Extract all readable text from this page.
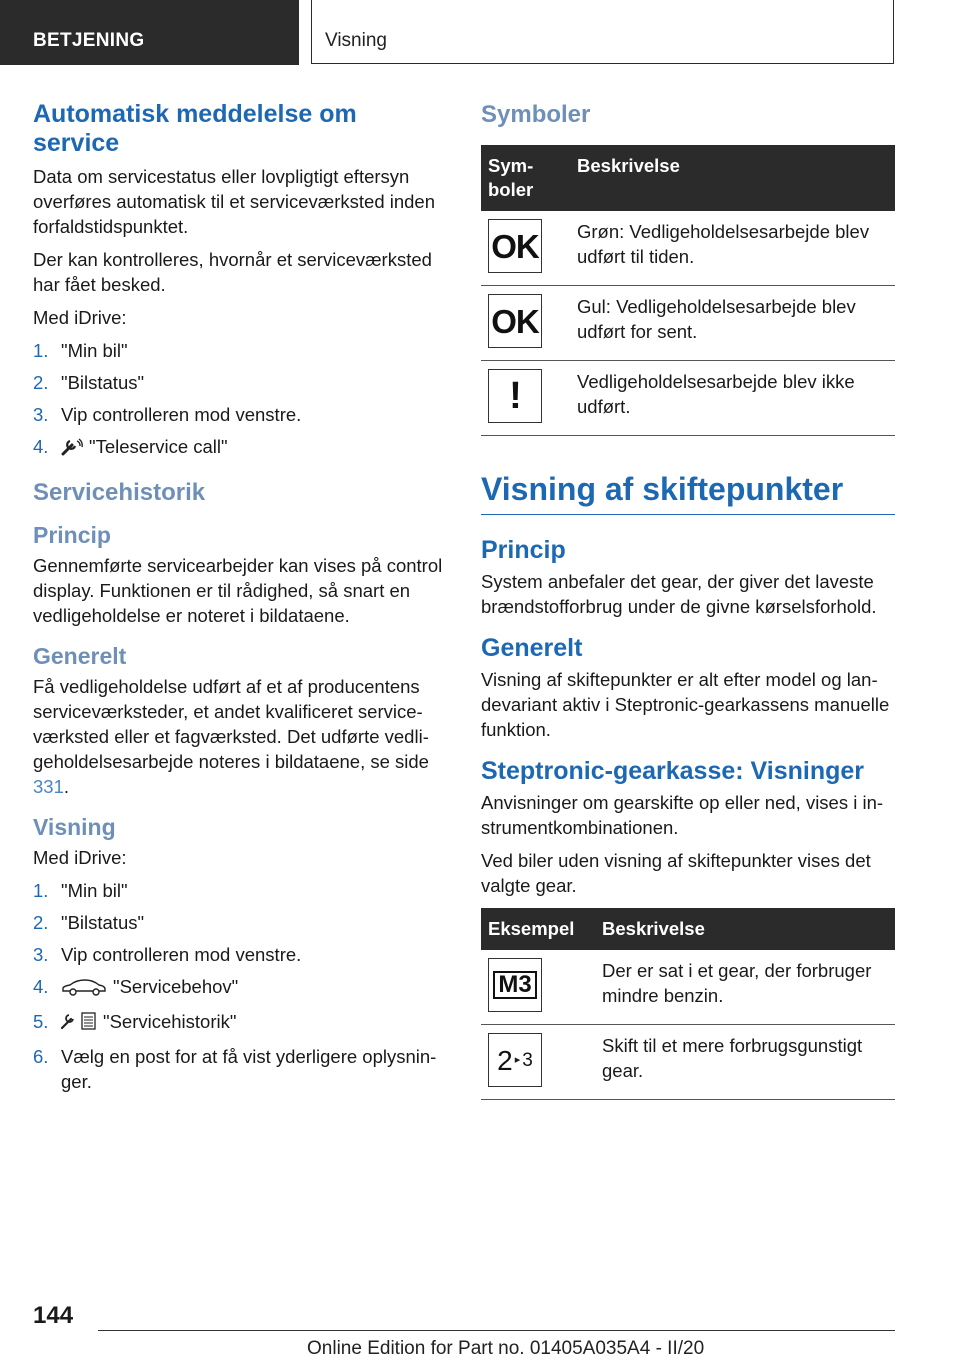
BETJENING	Visning
Automatisk meddelelse om service

Data om servicestatus eller lovpligtigt eftersyn overføres automatisk til et serviceværksted inden forfaldstidspunktet.

Der kan kontrolleres, hvornår et serviceværksted har fået besked.

Med iDrive:

1. "Min bil"
2. "Bilstatus"
3. Vip controlleren mod venstre.
4. "Teleservice call"
Servicehistorik
Princip

Gennemførte servicearbejder kan vises på control display. Funktionen er til rådighed, så snart en vedligeholdelse er noteret i bildataene.

Generelt

Få vedligeholdelse udført af et af producentens serviceværksteder, et andet kvalificeret serviceværksted eller et fagværksted. Det udførte vedligeholdelsesarbejde noteres i bildataene, se side 331.

Visning

Med iDrive:

1. "Min bil"
2. "Bilstatus"
3. Vip controlleren mod venstre.
4.	"Servicebehov"
5.	"Servicehistorik"
6. Vælg en post for at få vist yderligere oplysninger.
Symboler
Symboler	Beskrivelse

OK	Grøn: Vedligeholdelsesarbejde blev udført til tiden.

OK	Gul: Vedligeholdelsesarbejde blev udført for sent.

!	Vedligeholdelsesarbejde blev ikke udført.
Visning af skiftepunkter
Princip

System anbefaler det gear, der giver det laveste brændstofforbrug under de givne kørselsforhold.

Generelt

Visning af skiftepunkter er alt efter model og landevariant aktiv i Steptronic-gearkassens manuelle funktion.

Steptronic-gearkasse: Visninger

Anvisninger om gearskifte op eller ned, vises i instrumentkombinationen.

Ved biler uden visning af skiftepunkter vises det valgte gear.

Eksempel	Beskrivelse

M3	Der er sat i et gear, der forbruger mindre benzin.

2 ▸ 3	Skift til et mere forbrugsgunstigt gear.
144
Online Edition for Part no. 01405A035A4 - II/20
